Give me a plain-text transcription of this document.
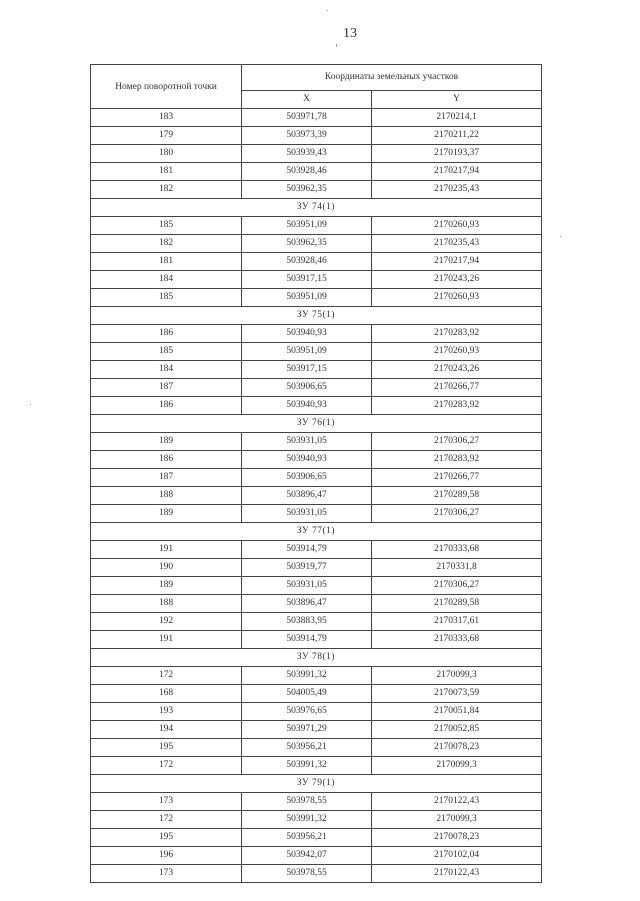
13
Номер поворотной точки	Координаты земельных участков	
	X	Y
183	503971,78	2170214,1
179	503973,39	2170211,22
180	503939,43	2170193,37
181	503928,46	2170217,94
182	503962,35	2170235,43
ЗУ 74(1)		
185	503951,09	2170260,93
182	503962,35	2170235,43
181	503928,46	2170217,94
184	503917,15	2170243,26
185	503951,09	2170260,93
ЗУ 75(1)		
186	503940,93	2170283,92
185	503951,09	2170260,93
184	503917,15	2170243,26
187	503906,65	2170266,77
186	503940,93	2170283,92
ЗУ 76(1)		
189	503931,05	2170306,27
186	503940,93	2170283,92
187	503906,65	2170266,77
188	503896,47	2170289,58
189	503931,05	2170306,27
ЗУ 77(1)		
191	503914,79	2170333,68
190	503919,77	2170331,8
189	503931,05	2170306,27
188	503896,47	2170289,58
192	503883,95	2170317,61
191	503914,79	2170333,68
ЗУ 78(1)		
172	503991,32	2170099,3
168	504005,49	2170073,59
193	503976,65	2170051,84
194	503971,29	2170052,85
195	503956,21	2170078,23
172	503991,32	2170099,3
ЗУ 79(1)		
173	503978,55	2170122,43
172	503991,32	2170099,3
195	503956,21	2170078,23
196	503942,07	2170102,04
173	503978,55	2170122,43
